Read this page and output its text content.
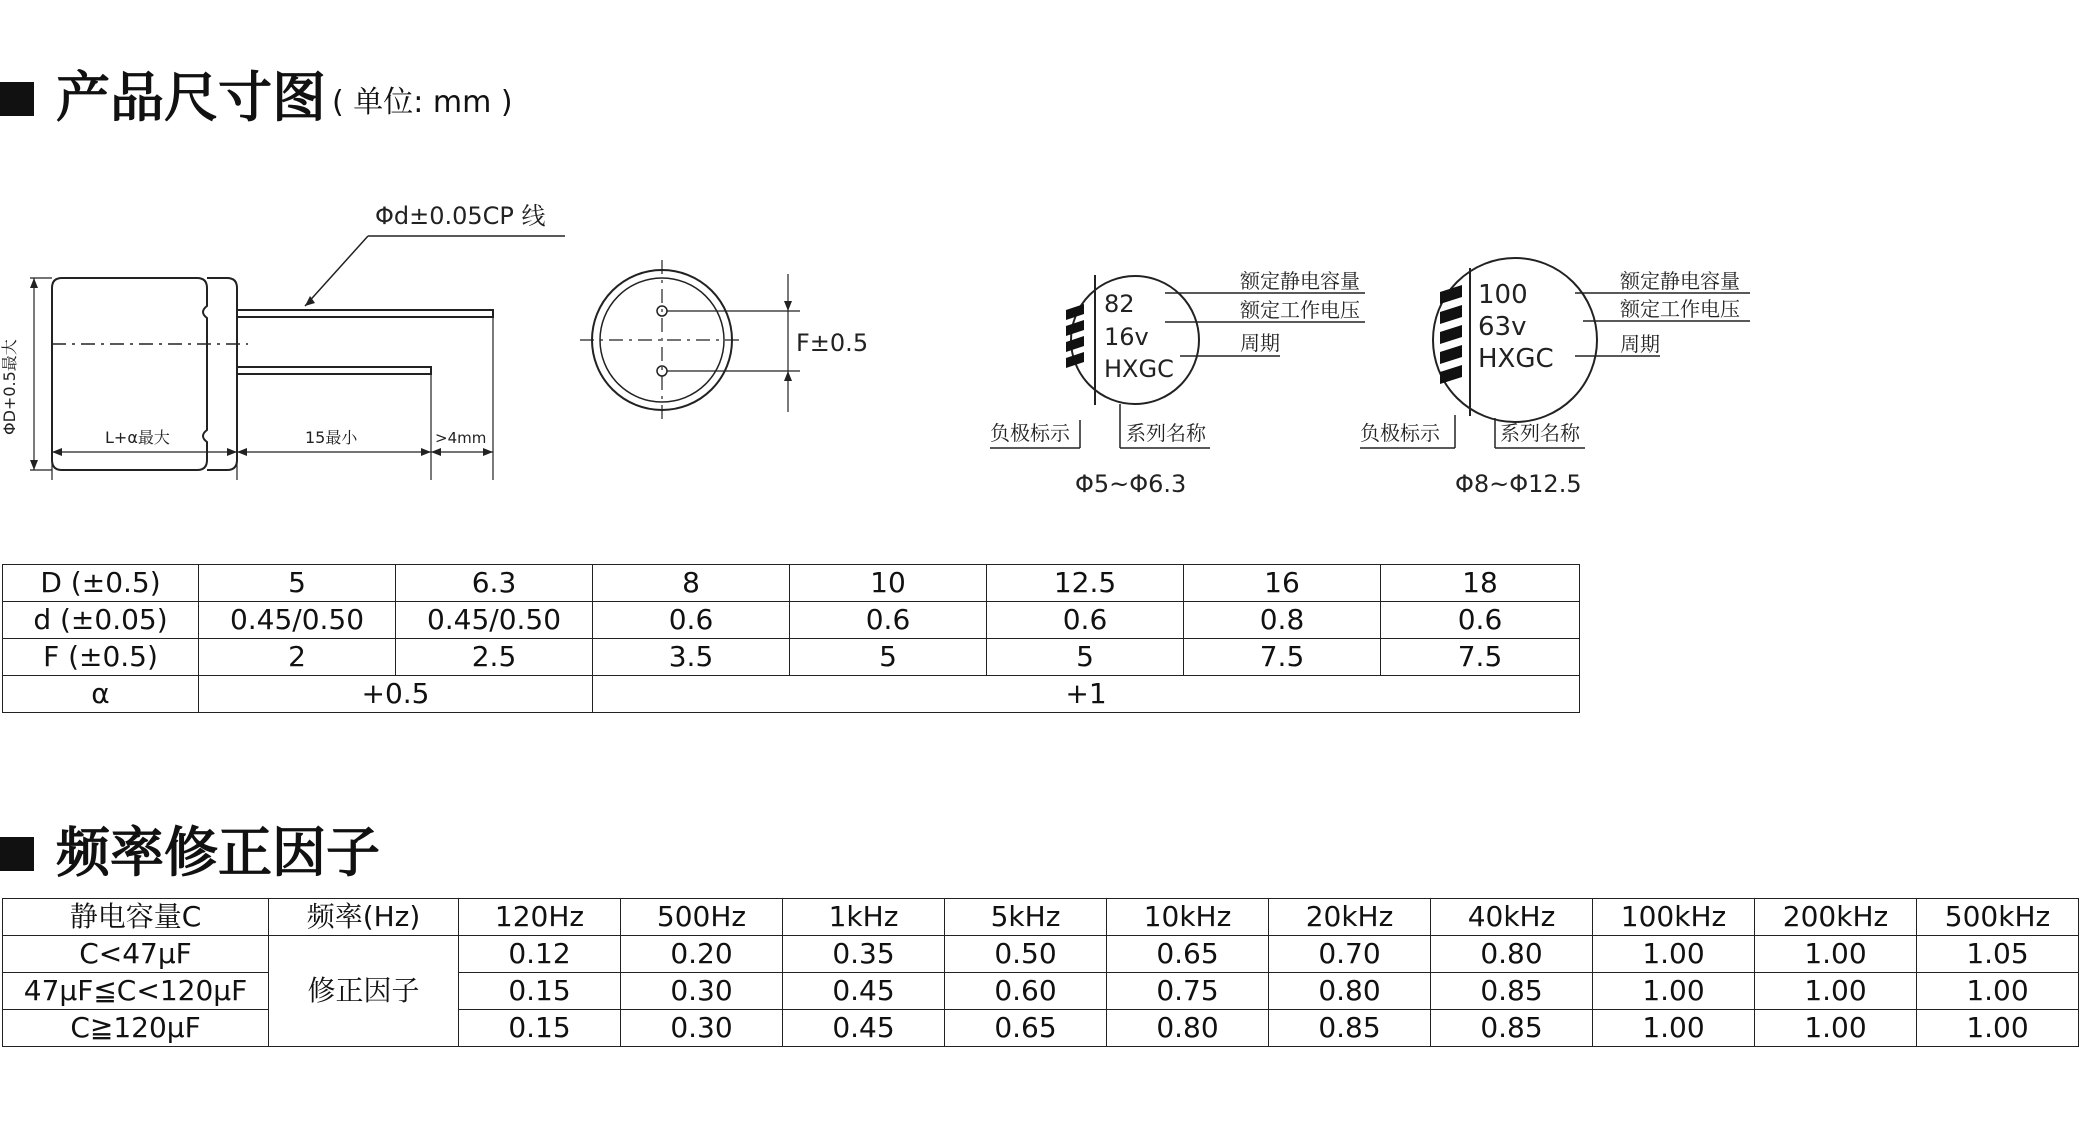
产品尺寸图 ( 单位: mm )
Φd±0.05CP 线
ΦD+0.5最大
L+α最大	15最小	>4mm
F±0.5
82
16v
HXGC
额定静电容量
额定工作电压
周期
负极标示	系列名称
Φ5~Φ6.3
100
63v
HXGC
额定静电容量
额定工作电压
周期
负极标示	系列名称
Φ8~Φ12.5
D (±0.5)	5	6.3	8	10	12.5	16	18
d (±0.05)	0.45/0.50	0.45/0.50	0.6	0.6	0.6	0.8	0.6
F (±0.5)	2	2.5	3.5	5	5	7.5	7.5
α	+0.5		+1				
频率修正因子
静电容量C	频率(Hz)	120Hz	500Hz	1kHz	5kHz	10kHz	20kHz	40kHz	100kHz	200kHz	500kHz
C<47μF	修正因子	0.12	0.20	0.35	0.50	0.65	0.70	0.80	1.00	1.00	1.05
47μF≦C<120μF		0.15	0.30	0.45	0.60	0.75	0.80	0.85	1.00	1.00	1.00
C≧120μF		0.15	0.30	0.45	0.65	0.80	0.85	0.85	1.00	1.00	1.00
